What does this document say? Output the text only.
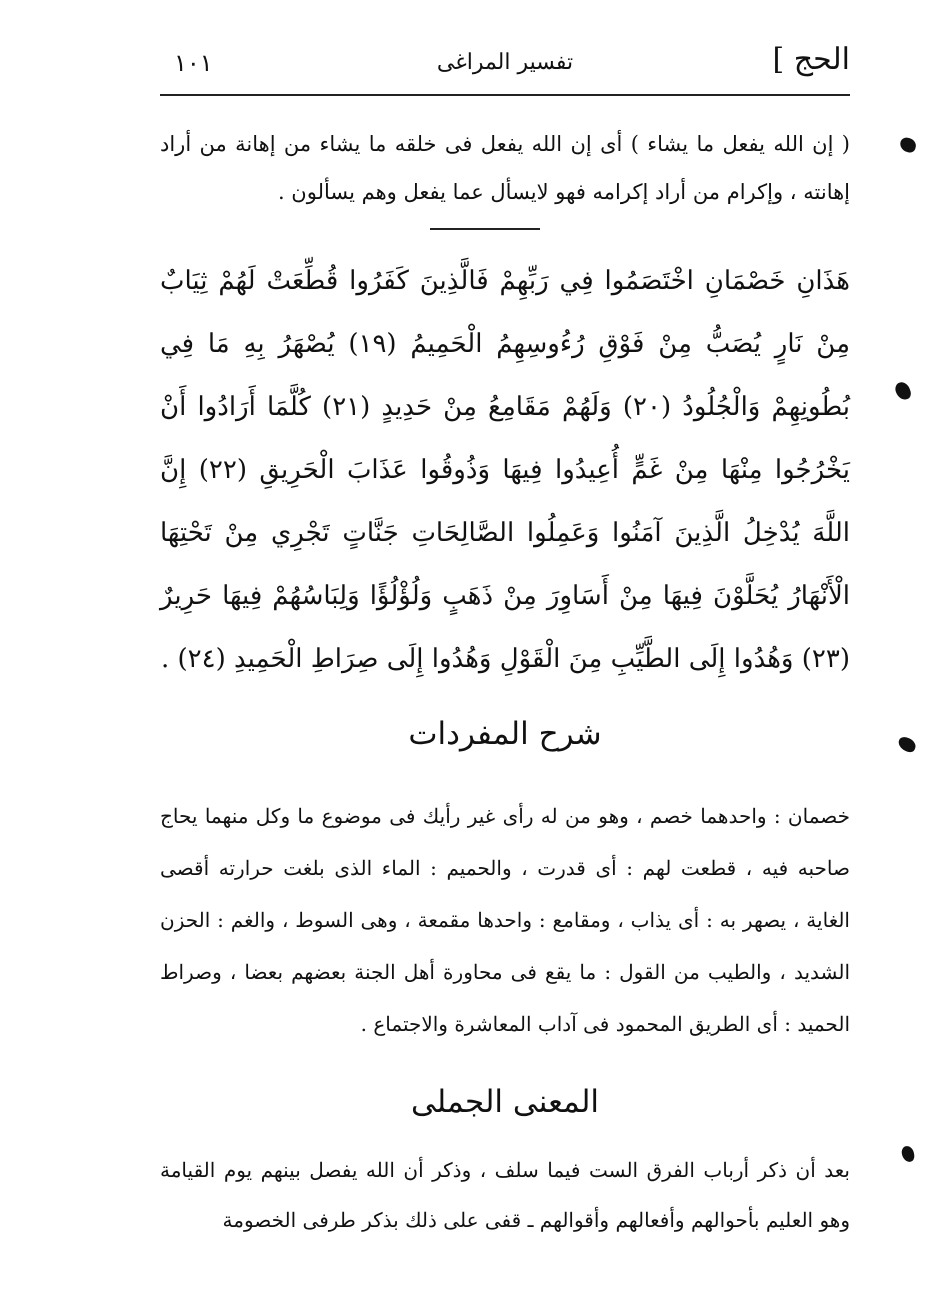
الحج ]
تفسير المراغى
١٠١

( إن الله يفعل ما يشاء ) أى إن الله يفعل فى خلقه ما يشاء من إهانة من أراد إهانته ، وإكرام من أراد إكرامه فهو لايسأل عما يفعل وهم يسألون .

هَذَانِ خَصْمَانِ اخْتَصَمُوا فِي رَبِّهِمْ فَالَّذِينَ كَفَرُوا قُطِّعَتْ لَهُمْ ثِيَابٌ مِنْ نَارٍ يُصَبُّ مِنْ فَوْقِ رُءُوسِهِمُ الْحَمِيمُ (١٩) يُصْهَرُ بِهِ مَا فِي بُطُونِهِمْ وَالْجُلُودُ (٢٠) وَلَهُمْ مَقَامِعُ مِنْ حَدِيدٍ (٢١) كُلَّمَا أَرَادُوا أَنْ يَخْرُجُوا مِنْهَا مِنْ غَمٍّ أُعِيدُوا فِيهَا وَذُوقُوا عَذَابَ الْحَرِيقِ (٢٢) إِنَّ اللَّهَ يُدْخِلُ الَّذِينَ آمَنُوا وَعَمِلُوا الصَّالِحَاتِ جَنَّاتٍ تَجْرِي مِنْ تَحْتِهَا الْأَنْهَارُ يُحَلَّوْنَ فِيهَا مِنْ أَسَاوِرَ مِنْ ذَهَبٍ وَلُؤْلُؤًا وَلِبَاسُهُمْ فِيهَا حَرِيرٌ (٢٣) وَهُدُوا إِلَى الطَّيِّبِ مِنَ الْقَوْلِ وَهُدُوا إِلَى صِرَاطِ الْحَمِيدِ (٢٤) .

شرح المفردات

خصمان : واحدهما خصم ، وهو من له رأى غير رأيك فى موضوع ما وكل منهما يحاج صاحبه فيه ، قطعت لهم : أى قدرت ، والحميم : الماء الذى بلغت حرارته أقصى الغاية ، يصهر به : أى يذاب ، ومقامع : واحدها مقمعة ، وهى السوط ، والغم : الحزن الشديد ، والطيب من القول : ما يقع فى محاورة أهل الجنة بعضهم بعضا ، وصراط الحميد : أى الطريق المحمود فى آداب المعاشرة والاجتماع .

المعنى الجملى

بعد أن ذكر أرباب الفرق الست فيما سلف ، وذكر أن الله يفصل بينهم يوم القيامة وهو العليم بأحوالهم وأفعالهم وأقوالهم ـ قفى على ذلك بذكر طرفى الخصومة
